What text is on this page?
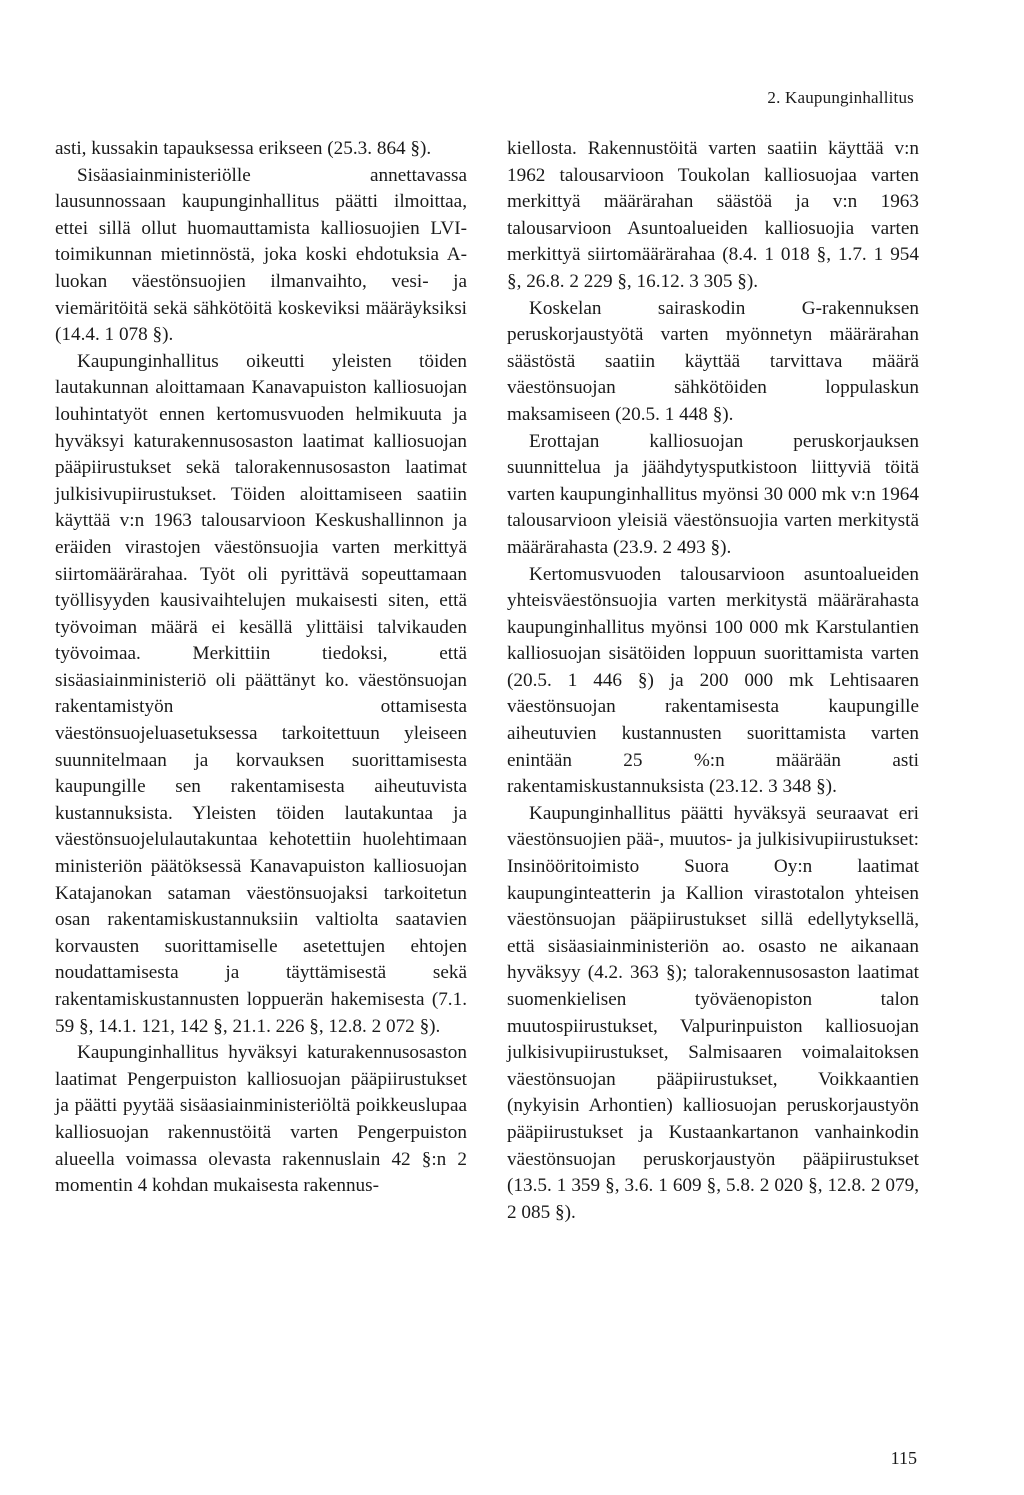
2. Kaupunginhallitus

asti, kussakin tapauksessa erikseen (25.3. 864 §).

Sisäasiainministeriölle annettavassa lausunnossaan kaupunginhallitus päätti ilmoittaa, ettei sillä ollut huomauttamista kalliosuojien LVI-toimikunnan mietinnöstä, joka koski ehdotuksia A-luokan väestönsuojien ilmanvaihto, vesi- ja viemäritöitä sekä sähkötöitä koskeviksi määräyksiksi (14.4. 1 078 §).

Kaupunginhallitus oikeutti yleisten töiden lautakunnan aloittamaan Kanavapuiston kalliosuojan louhintatyöt ennen kertomusvuoden helmikuuta ja hyväksyi katurakennusosaston laatimat kalliosuojan pääpiirustukset sekä talorakennusosaston laatimat julkisivupiirustukset. Töiden aloittamiseen saatiin käyttää v:n 1963 talousarvioon Keskushallinnon ja eräiden virastojen väestönsuojia varten merkittyä siirtomäärärahaa. Työt oli pyrittävä sopeuttamaan työllisyyden kausivaihtelujen mukaisesti siten, että työvoiman määrä ei kesällä ylittäisi talvikauden työvoimaa. Merkittiin tiedoksi, että sisäasiainministeriö oli päättänyt ko. väestönsuojan rakentamistyön ottamisesta väestönsuojeluasetuksessa tarkoitettuun yleiseen suunnitelmaan ja korvauksen suorittamisesta kaupungille sen rakentamisesta aiheutuvista kustannuksista. Yleisten töiden lautakuntaa ja väestönsuojelulautakuntaa kehotettiin huolehtimaan ministeriön päätöksessä Kanavapuiston kalliosuojan Katajanokan sataman väestönsuojaksi tarkoitetun osan rakentamiskustannuksiin valtiolta saatavien korvausten suorittamiselle asetettujen ehtojen noudattamisesta ja täyttämisestä sekä rakentamiskustannusten loppuerän hakemisesta (7.1. 59 §, 14.1. 121, 142 §, 21.1. 226 §, 12.8. 2 072 §).

Kaupunginhallitus hyväksyi katurakennusosaston laatimat Pengerpuiston kalliosuojan pääpiirustukset ja päätti pyytää sisäasiainministeriöltä poikkeuslupaa kalliosuojan rakennustöitä varten Pengerpuiston alueella voimassa olevasta rakennuslain 42 §:n 2 momentin 4 kohdan mukaisesta rakennus-

kiellosta. Rakennustöitä varten saatiin käyttää v:n 1962 talousarvioon Toukolan kalliosuojaa varten merkittyä määrärahan säästöä ja v:n 1963 talousarvioon Asuntoalueiden kalliosuojia varten merkittyä siirtomäärärahaa (8.4. 1 018 §, 1.7. 1 954 §, 26.8. 2 229 §, 16.12. 3 305 §).

Koskelan sairaskodin G-rakennuksen peruskorjaustyötä varten myönnetyn määrärahan säästöstä saatiin käyttää tarvittava määrä väestönsuojan sähkötöiden loppulaskun maksamiseen (20.5. 1 448 §).

Erottajan kalliosuojan peruskorjauksen suunnittelua ja jäähdytysputkistoon liittyviä töitä varten kaupunginhallitus myönsi 30 000 mk v:n 1964 talousarvioon yleisiä väestönsuojia varten merkitystä määrärahasta (23.9. 2 493 §).

Kertomusvuoden talousarvioon asuntoalueiden yhteisväestönsuojia varten merkitystä määrärahasta kaupunginhallitus myönsi 100 000 mk Karstulantien kalliosuojan sisätöiden loppuun suorittamista varten (20.5. 1 446 §) ja 200 000 mk Lehtisaaren väestönsuojan rakentamisesta kaupungille aiheutuvien kustannusten suorittamista varten enintään 25 %:n määrään asti rakentamiskustannuksista (23.12. 3 348 §).

Kaupunginhallitus päätti hyväksyä seuraavat eri väestönsuojien pää-, muutos- ja julkisivupiirustukset: Insinööritoimisto Suora Oy:n laatimat kaupunginteatterin ja Kallion virastotalon yhteisen väestönsuojan pääpiirustukset sillä edellytyksellä, että sisäasiainministeriön ao. osasto ne aikanaan hyväksyy (4.2. 363 §); talorakennusosaston laatimat suomenkielisen työväenopiston talon muutospiirustukset, Valpurinpuiston kalliosuojan julkisivupiirustukset, Salmisaaren voimalaitoksen väestönsuojan pääpiirustukset, Voikkaantien (nykyisin Arhontien) kalliosuojan peruskorjaustyön pääpiirustukset ja Kustaankartanon vanhainkodin väestönsuojan peruskorjaustyön pääpiirustukset (13.5. 1 359 §, 3.6. 1 609 §, 5.8. 2 020 §, 12.8. 2 079, 2 085 §).

115
